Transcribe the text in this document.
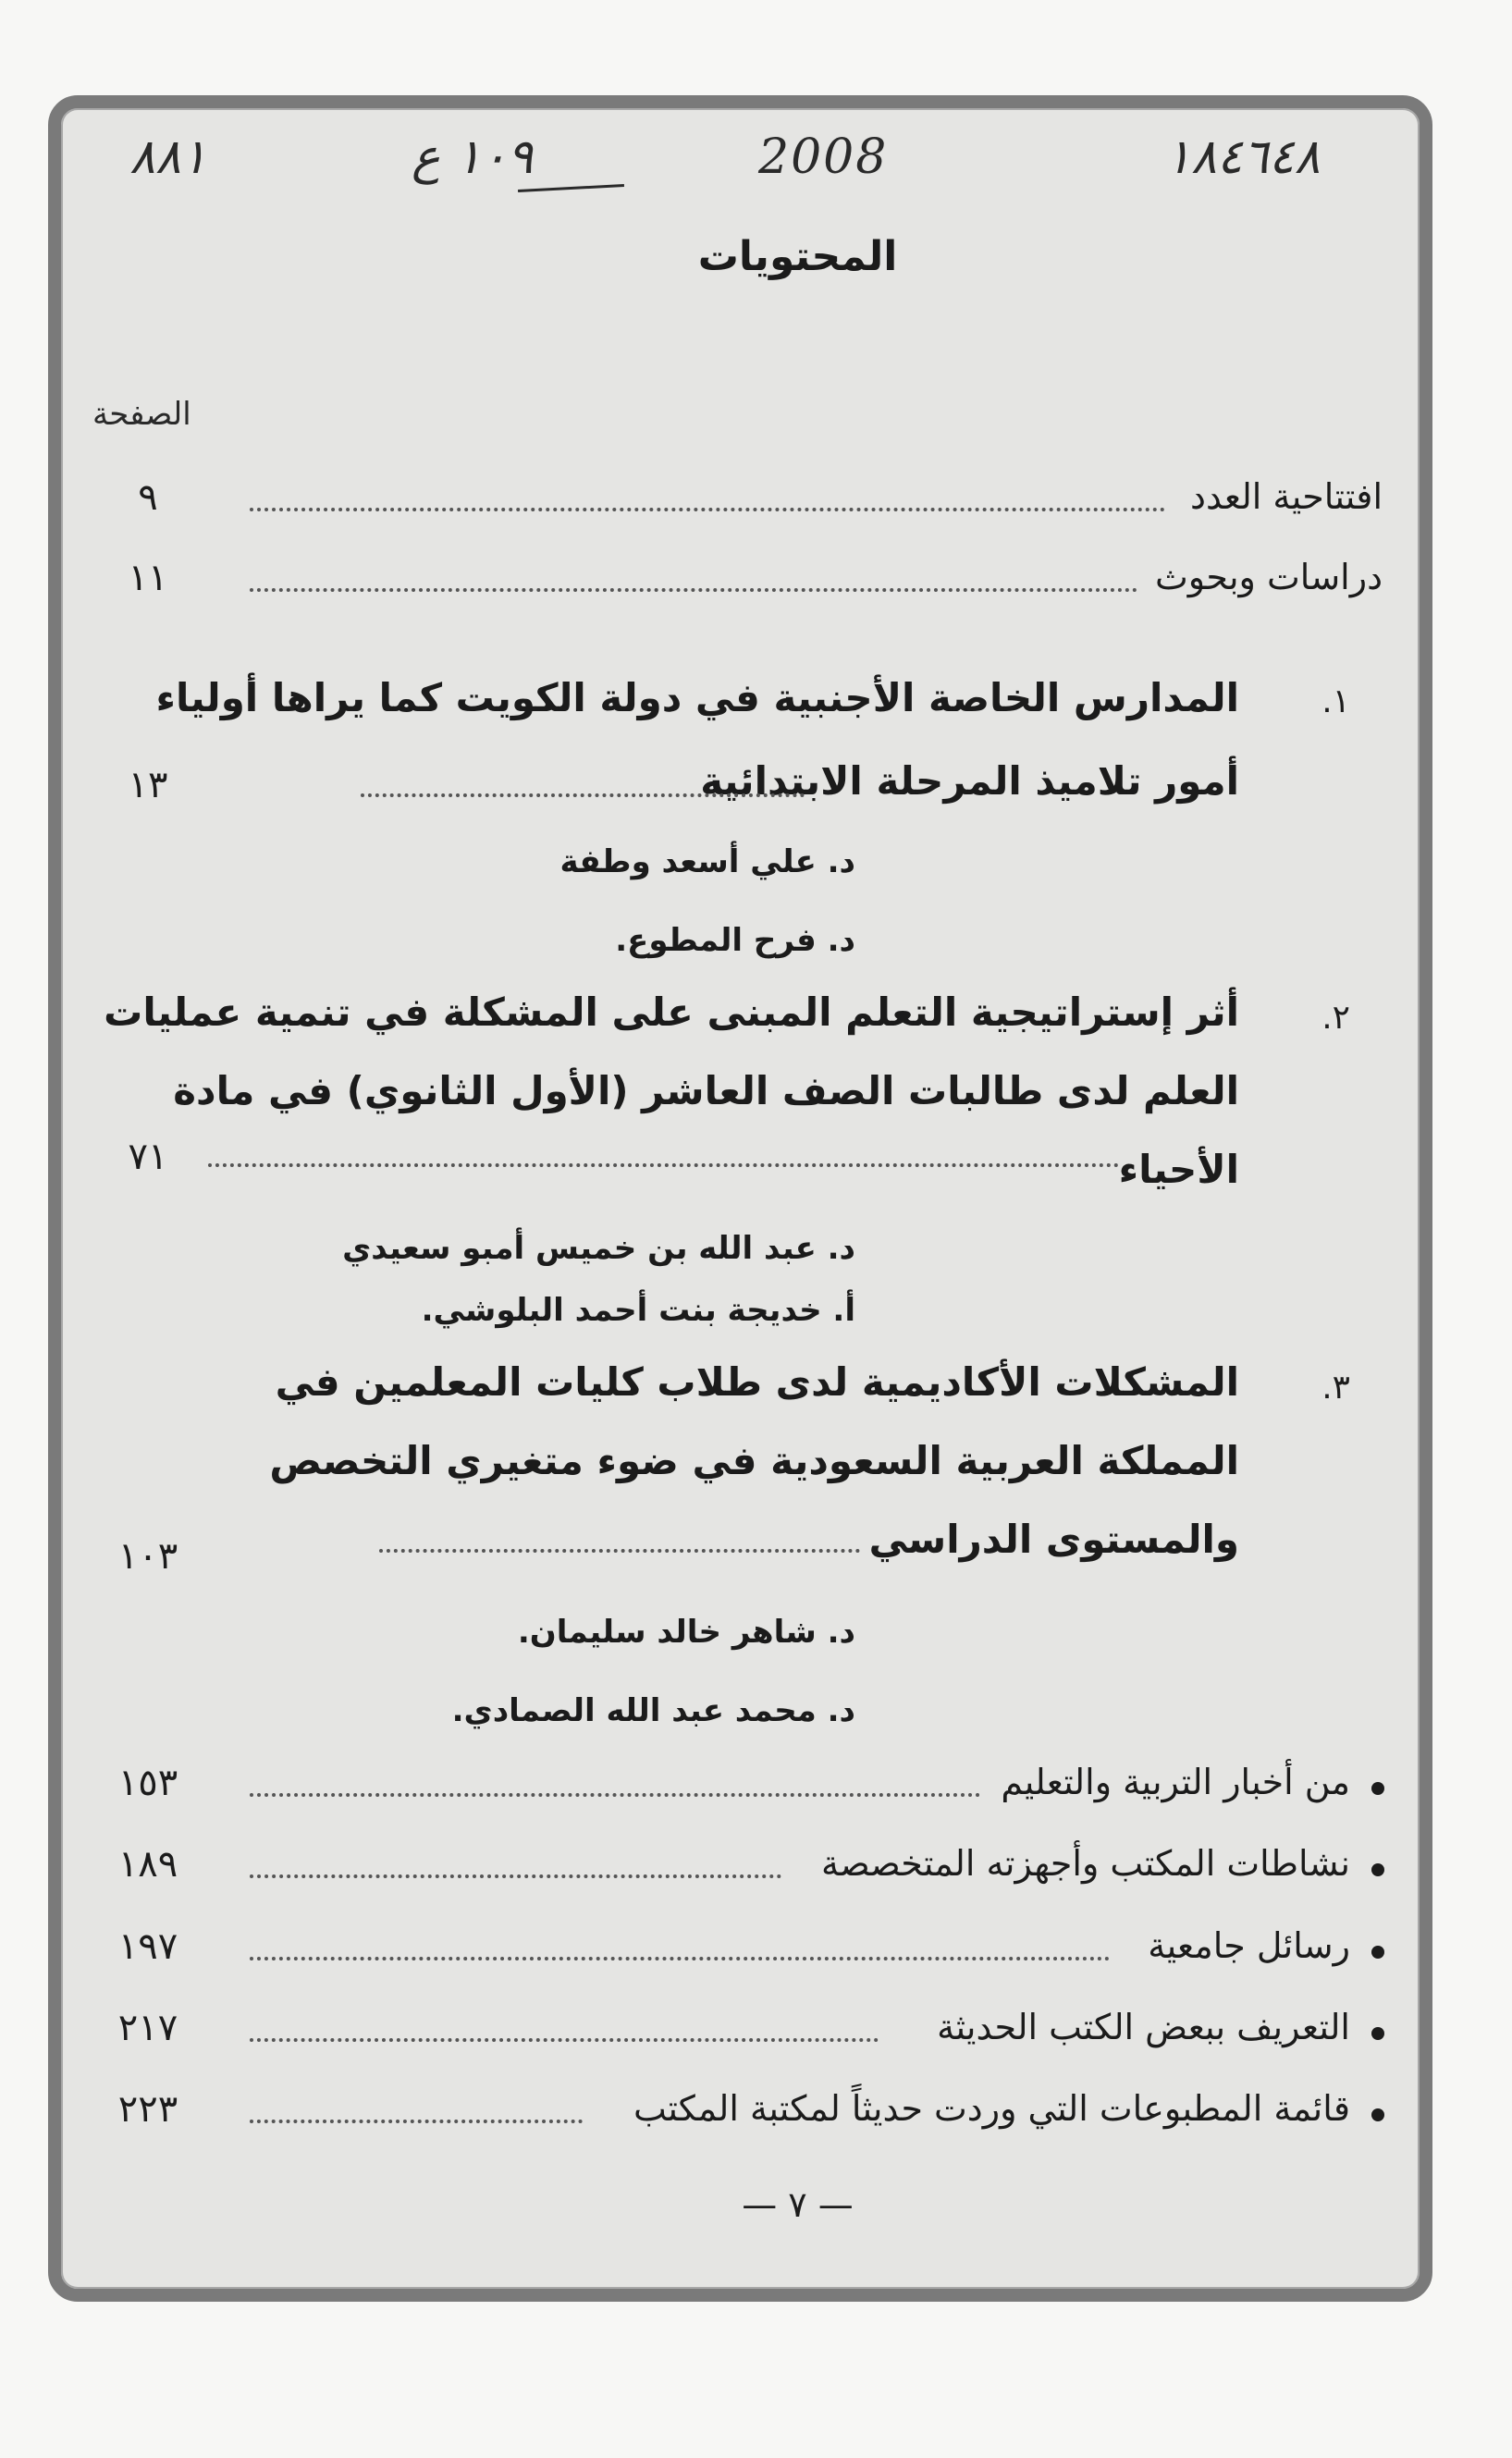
١٨٤٦٤٨
2008
١٠٩ ع
٨٨١
المحتويات
الصفحة
افتتاحية العدد
٩
دراسات وبحوث
١١
١.
المدارس الخاصة الأجنبية في دولة الكويت كما يراها أولياء
أمور تلاميذ المرحلة الابتدائية
١٣
د. علي أسعد وطفة
د. فرح المطوع.
٢.
أثر إستراتيجية التعلم المبنى على المشكلة في تنمية عمليات
العلم لدى طالبات الصف العاشر (الأول الثانوي) في مادة
الأحياء
٧١
د. عبد الله بن خميس أمبو سعيدي
أ. خديجة بنت أحمد البلوشي.
٣.
المشكلات الأكاديمية لدى طلاب كليات المعلمين في
المملكة العربية السعودية في ضوء متغيري التخصص
والمستوى الدراسي
١٠٣
د. شاهر خالد سليمان.
د. محمد عبد الله الصمادي.
من أخبار التربية والتعليم
١٥٣
نشاطات المكتب وأجهزته المتخصصة
١٨٩
رسائل جامعية
١٩٧
التعريف ببعض الكتب الحديثة
٢١٧
قائمة المطبوعات التي وردت حديثاً لمكتبة المكتب
٢٢٣
— ٧ —
